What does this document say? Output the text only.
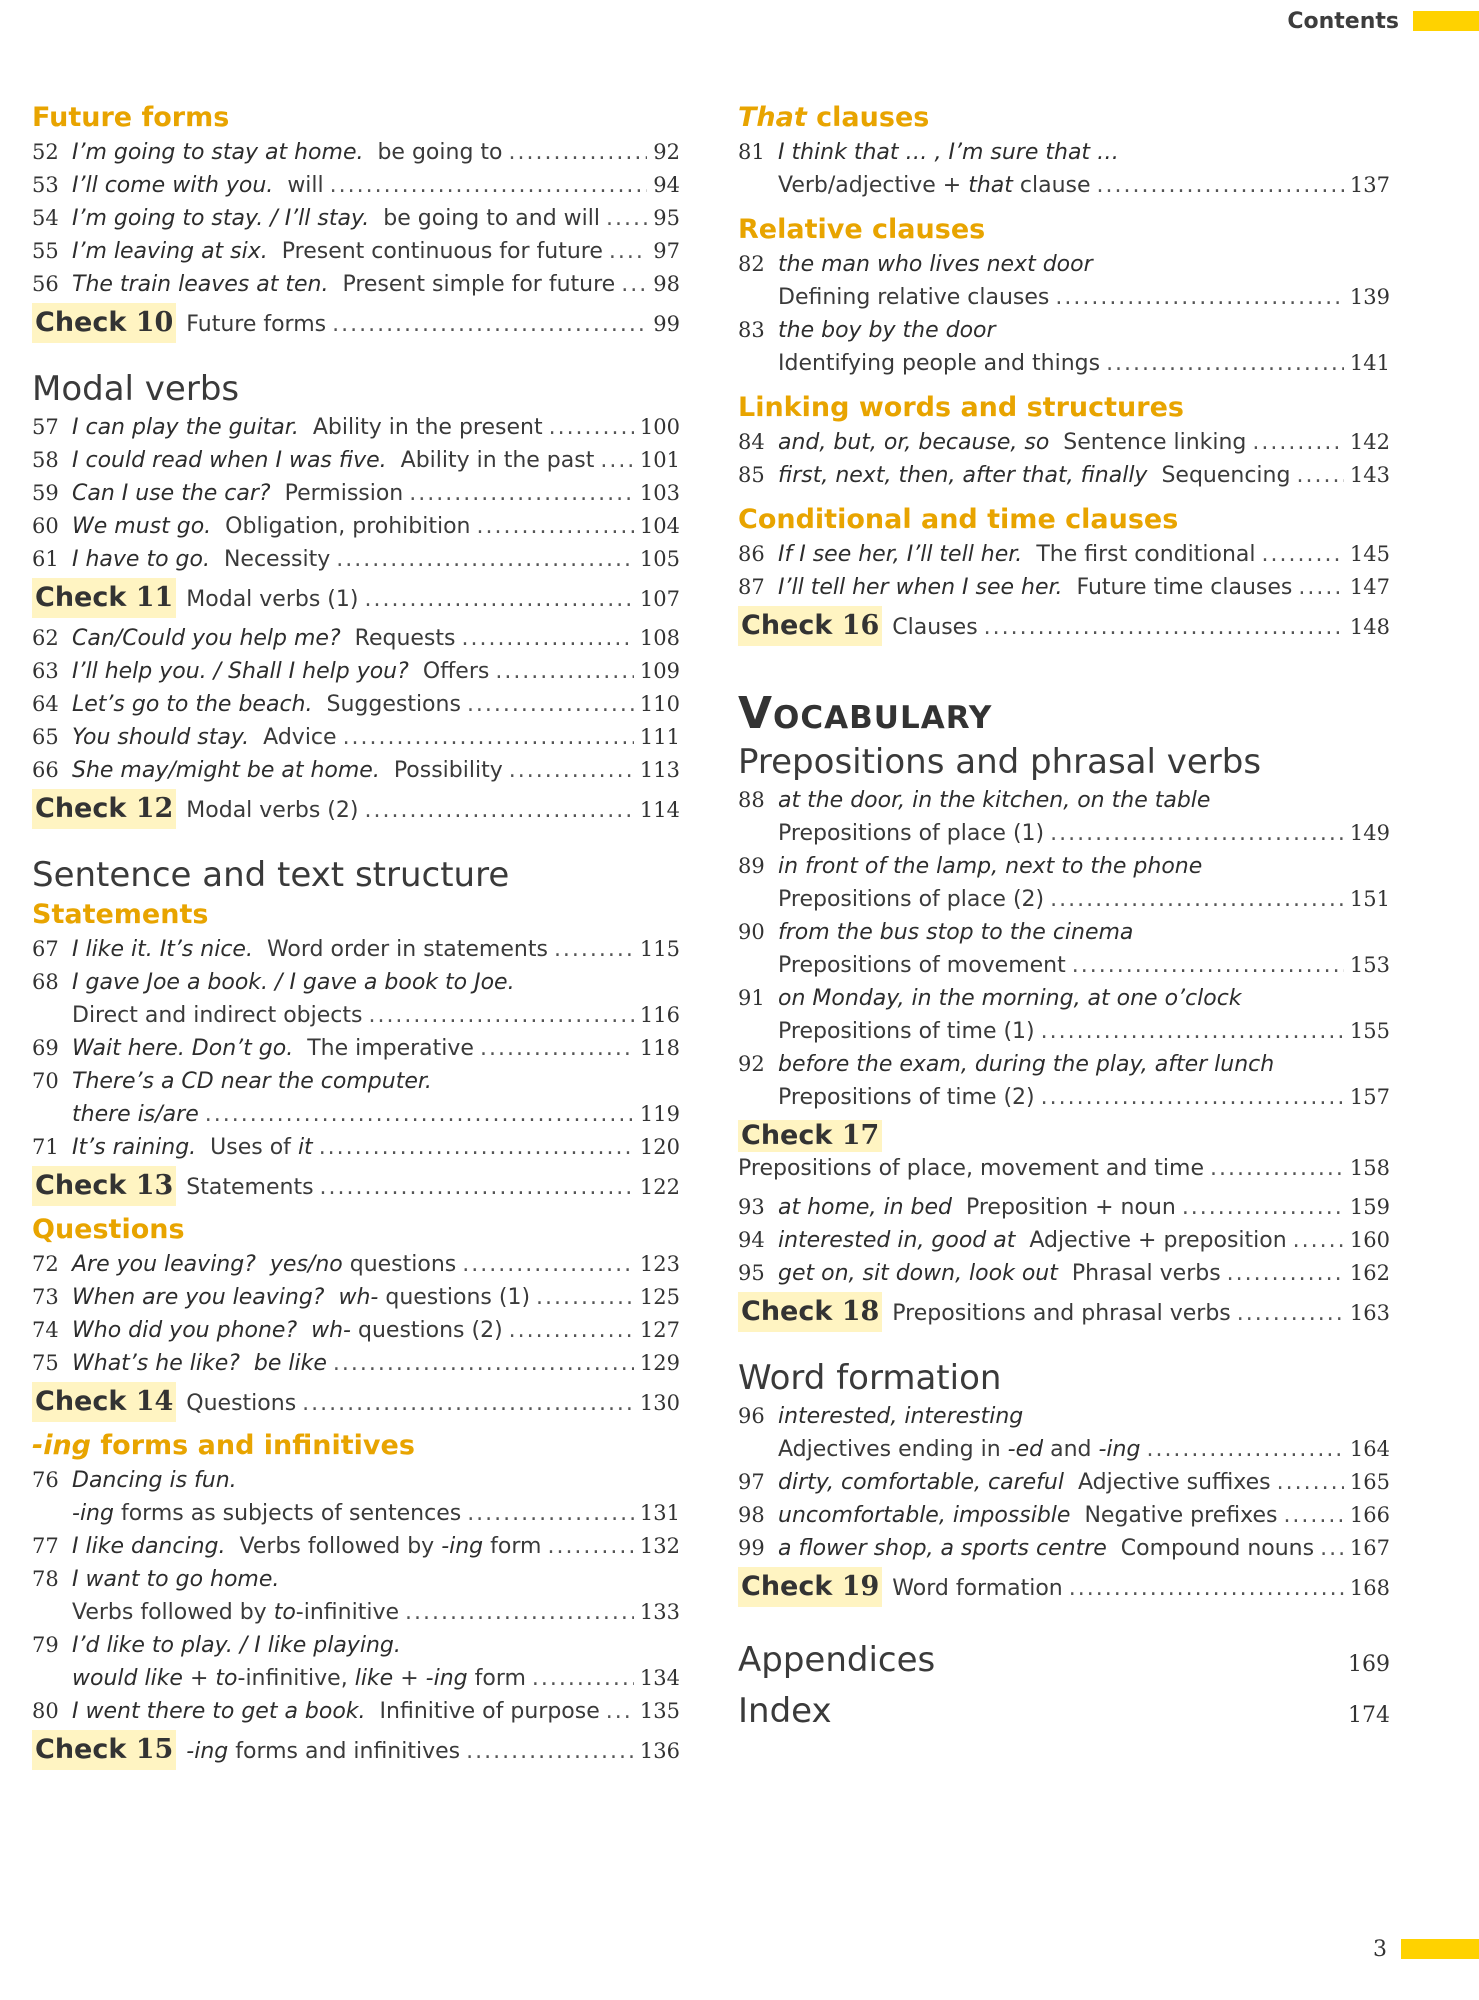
Contents
Future forms
52 I’m going to stay at home. be going to .....	92
53 I’ll come with you. will .....	94
54 I’m going to stay. / I’ll stay. be going to and will .....	95
55 I’m leaving at six. Present continuous for future ..... 97
56 The train leaves at ten. Present simple for future ..... 98
Check 10 Future forms .....	99
Modal verbs
57 I can play the guitar. Ability in the present .....	100
58 I could read when I was five. Ability in the past ..... 101
59 Can I use the car? Permission .....	103
60 We must go. Obligation, prohibition .....	104
61 I have to go. Necessity .....	105
Check 11 Modal verbs (1) .....	107
62 Can/Could you help me? Requests .....	108
63 I’ll help you. / Shall I help you? Offers .....	109
64 Let’s go to the beach. Suggestions .....	110
65 You should stay. Advice .....	111
66 She may/might be at home. Possibility .....	113
Check 12 Modal verbs (2) .....	114
Sentence and text structure
Statements
67 I like it. It’s nice. Word order in statements .....	115
68 I gave Joe a book. / I gave a book to Joe.
Direct and indirect objects .....	116
69 Wait here. Don’t go. The imperative .....	118
70 There’s a CD near the computer.
there is/are .....	119
71 It’s raining. Uses of it .....	120
Check 13 Statements .....	122
Questions
72 Are you leaving? yes/no questions .....	123
73 When are you leaving? wh- questions (1) .....	125
74 Who did you phone? wh- questions (2) .....	127
75 What’s he like? be like .....	129
Check 14 Questions .....	130
-ing forms and infinitives
76 Dancing is fun.
-ing forms as subjects of sentences .....	131
77 I like dancing. Verbs followed by -ing form .....	132
78 I want to go home.
Verbs followed by to-infinitive .....	133
79 I’d like to play. / I like playing.
would like + to-infinitive, like + -ing form .....	134
80 I went there to get a book. Infinitive of purpose ..... 135
Check 15 -ing forms and infinitives .....	136
That clauses
81 I think that … , I’m sure that …
Verb/adjective + that clause .....	137
Relative clauses
82 the man who lives next door
Defining relative clauses .....	139
83 the boy by the door
Identifying people and things .....	141
Linking words and structures
84 and, but, or, because, so Sentence linking .....	142
85 first, next, then, after that, finally Sequencing .....	143
Conditional and time clauses
86 If I see her, I’ll tell her. The first conditional .....	145
87 I’ll tell her when I see her. Future time clauses .....	147
Check 16 Clauses .....	148
Vocabulary
Prepositions and phrasal verbs
88 at the door, in the kitchen, on the table
Prepositions of place (1) .....	149
89 in front of the lamp, next to the phone
Prepositions of place (2) .....	151
90 from the bus stop to the cinema
Prepositions of movement .....	153
91 on Monday, in the morning, at one o’clock
Prepositions of time (1) .....	155
92 before the exam, during the play, after lunch
Prepositions of time (2) .....	157
Check 17
Prepositions of place, movement and time .....	158
93 at home, in bed Preposition + noun .....	159
94 interested in, good at Adjective + preposition .....	160
95 get on, sit down, look out Phrasal verbs .....	162
Check 18 Prepositions and phrasal verbs .....	163
Word formation
96 interested, interesting
Adjectives ending in -ed and -ing .....	164
97 dirty, comfortable, careful Adjective suffixes .....	165
98 uncomfortable, impossible Negative prefixes .....	166
99 a flower shop, a sports centre Compound nouns ..... 167
Check 19 Word formation .....	168
Appendices	169
Index	174
3
